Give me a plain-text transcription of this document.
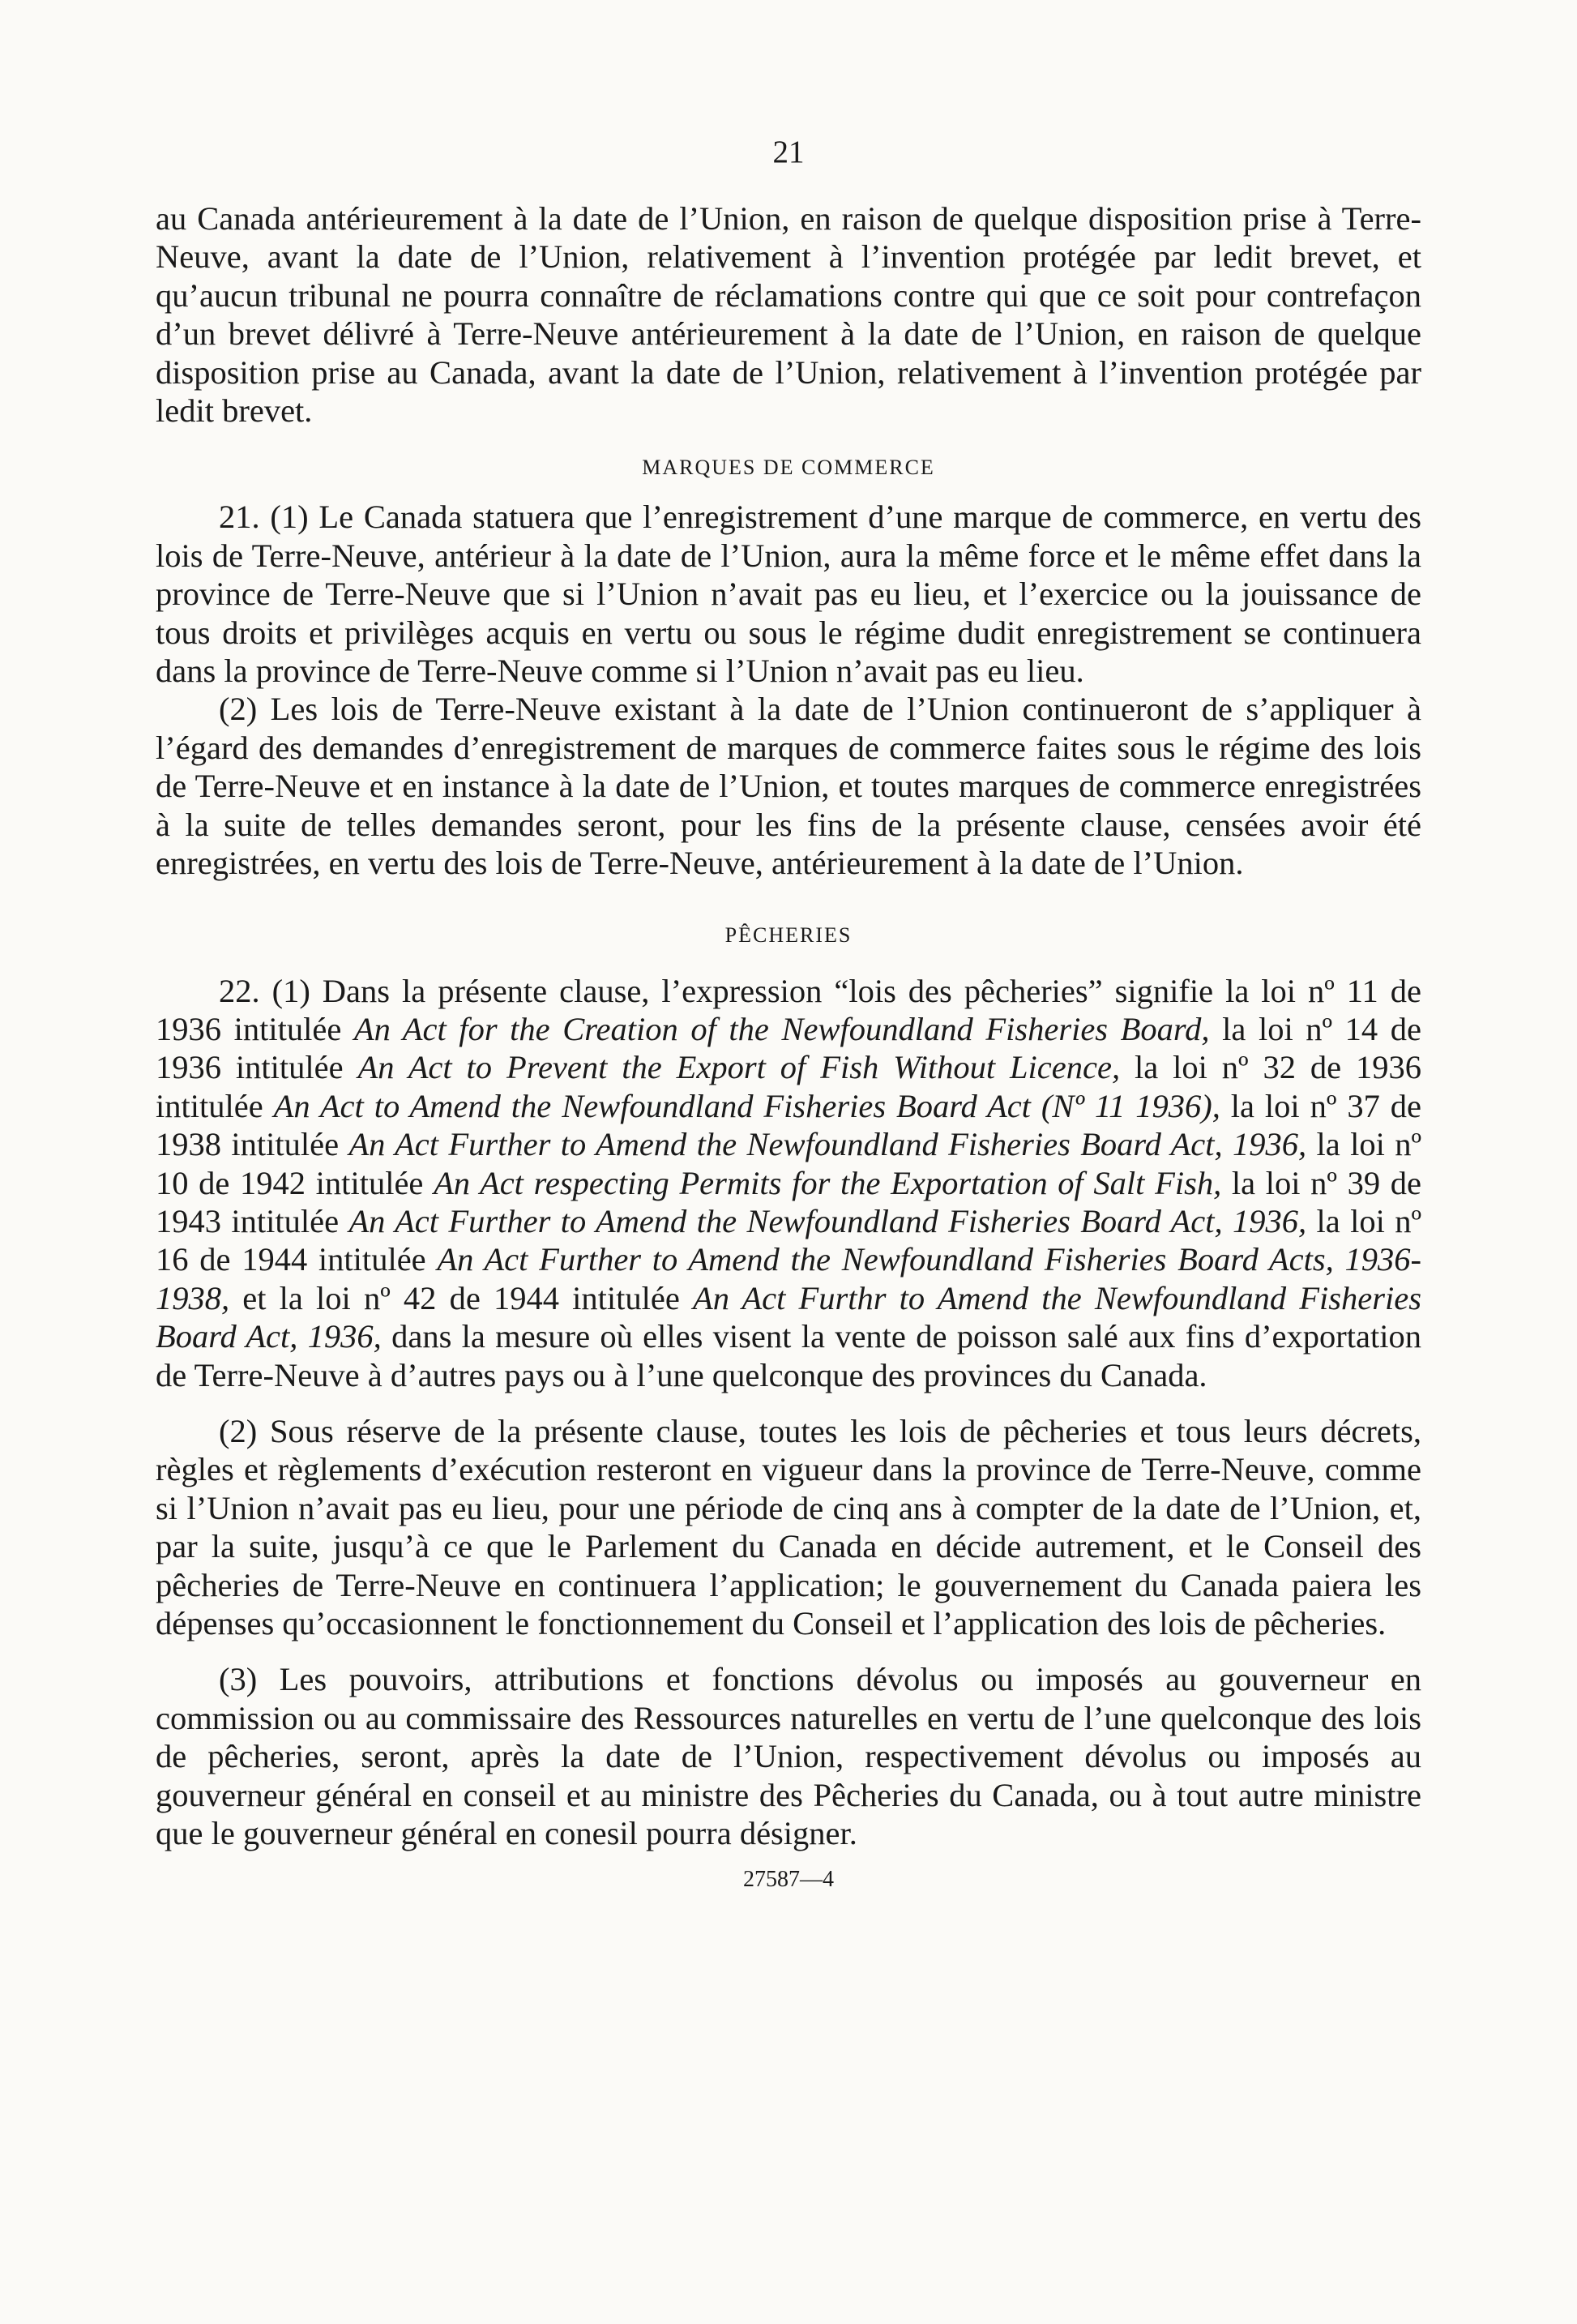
21

au Canada antérieurement à la date de l’Union, en raison de quelque disposition prise à Terre-Neuve, avant la date de l’Union, relativement à l’invention protégée par ledit brevet, et qu’aucun tribunal ne pourra connaître de réclamations contre qui que ce soit pour contrefaçon d’un brevet délivré à Terre-Neuve antérieurement à la date de l’Union, en raison de quelque disposition prise au Canada, avant la date de l’Union, relativement à l’invention protégée par ledit brevet.

MARQUES DE COMMERCE

21. (1) Le Canada statuera que l’enregistrement d’une marque de commerce, en vertu des lois de Terre-Neuve, antérieur à la date de l’Union, aura la même force et le même effet dans la province de Terre-Neuve que si l’Union n’avait pas eu lieu, et l’exercice ou la jouissance de tous droits et privilèges acquis en vertu ou sous le régime dudit enregistrement se continuera dans la province de Terre-Neuve comme si l’Union n’avait pas eu lieu.

(2) Les lois de Terre-Neuve existant à la date de l’Union continueront de s’appliquer à l’égard des demandes d’enregistrement de marques de commerce faites sous le régime des lois de Terre-Neuve et en instance à la date de l’Union, et toutes marques de commerce enregistrées à la suite de telles demandes seront, pour les fins de la présente clause, censées avoir été enregistrées, en vertu des lois de Terre-Neuve, antérieurement à la date de l’Union.

PÊCHERIES

22. (1) Dans la présente clause, l’expression “lois des pêcheries” signifie la loi nº 11 de 1936 intitulée An Act for the Creation of the Newfoundland Fisheries Board, la loi nº 14 de 1936 intitulée An Act to Prevent the Export of Fish Without Licence, la loi nº 32 de 1936 intitulée An Act to Amend the Newfoundland Fisheries Board Act (Nº 11 1936), la loi nº 37 de 1938 intitulée An Act Further to Amend the Newfoundland Fisheries Board Act, 1936, la loi nº 10 de 1942 intitulée An Act respecting Permits for the Exportation of Salt Fish, la loi nº 39 de 1943 intitulée An Act Further to Amend the Newfoundland Fisheries Board Act, 1936, la loi nº 16 de 1944 intitulée An Act Further to Amend the Newfoundland Fisheries Board Acts, 1936-1938, et la loi nº 42 de 1944 intitulée An Act Furthr to Amend the Newfoundland Fisheries Board Act, 1936, dans la mesure où elles visent la vente de poisson salé aux fins d’exportation de Terre-Neuve à d’autres pays ou à l’une quelconque des provinces du Canada.

(2) Sous réserve de la présente clause, toutes les lois de pêcheries et tous leurs décrets, règles et règlements d’exécution resteront en vigueur dans la province de Terre-Neuve, comme si l’Union n’avait pas eu lieu, pour une période de cinq ans à compter de la date de l’Union, et, par la suite, jusqu’à ce que le Parlement du Canada en décide autrement, et le Conseil des pêcheries de Terre-Neuve en continuera l’application; le gouvernement du Canada paiera les dépenses qu’occasionnent le fonctionnement du Conseil et l’application des lois de pêcheries.

(3) Les pouvoirs, attributions et fonctions dévolus ou imposés au gouverneur en commission ou au commissaire des Ressources naturelles en vertu de l’une quelconque des lois de pêcheries, seront, après la date de l’Union, respectivement dévolus ou imposés au gouverneur général en conseil et au ministre des Pêcheries du Canada, ou à tout autre ministre que le gouverneur général en conesil pourra désigner.

27587—4
